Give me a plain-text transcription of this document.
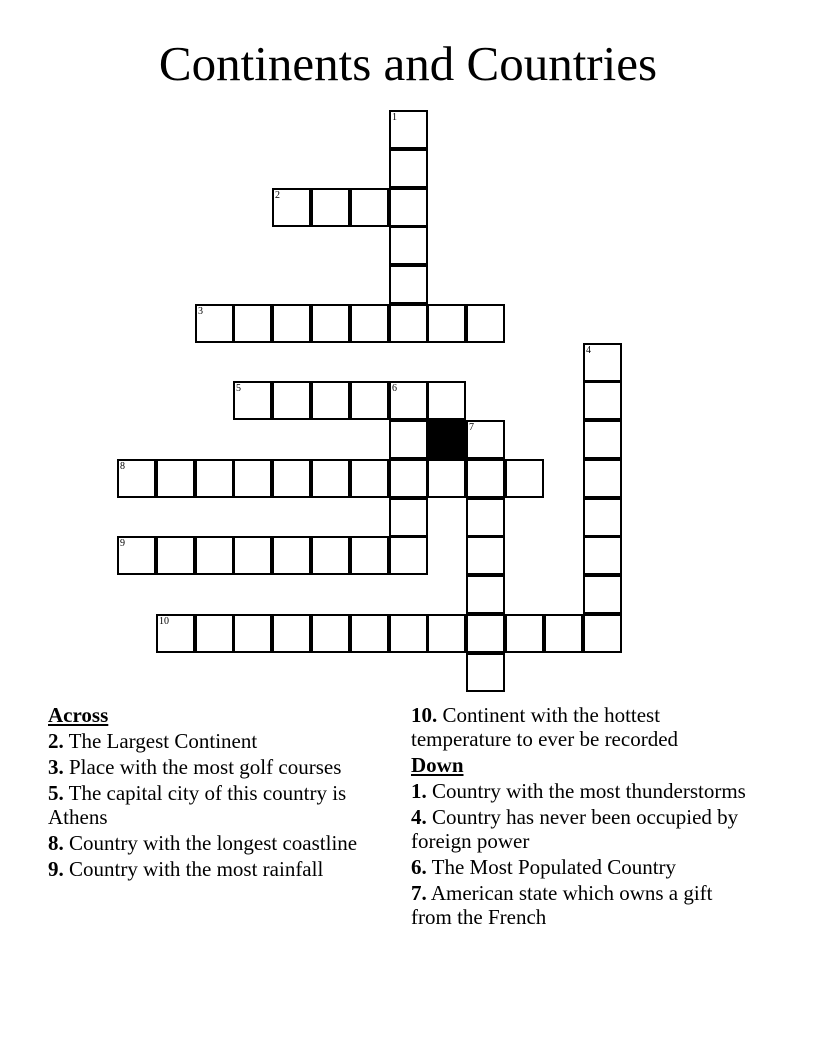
Continents and Countries
1
2
3
4
5	6
7
8
9
10
Across
2. The Largest Continent
3. Place with the most golf courses
5. The capital city of this country is Athens
8. Country with the longest coastline
9. Country with the most rainfall
10. Continent with the hottest temperature to ever be recorded
Down
1. Country with the most thunderstorms
4. Country has never been occupied by foreign power
6. The Most Populated Country
7. American state which owns a gift from the French
